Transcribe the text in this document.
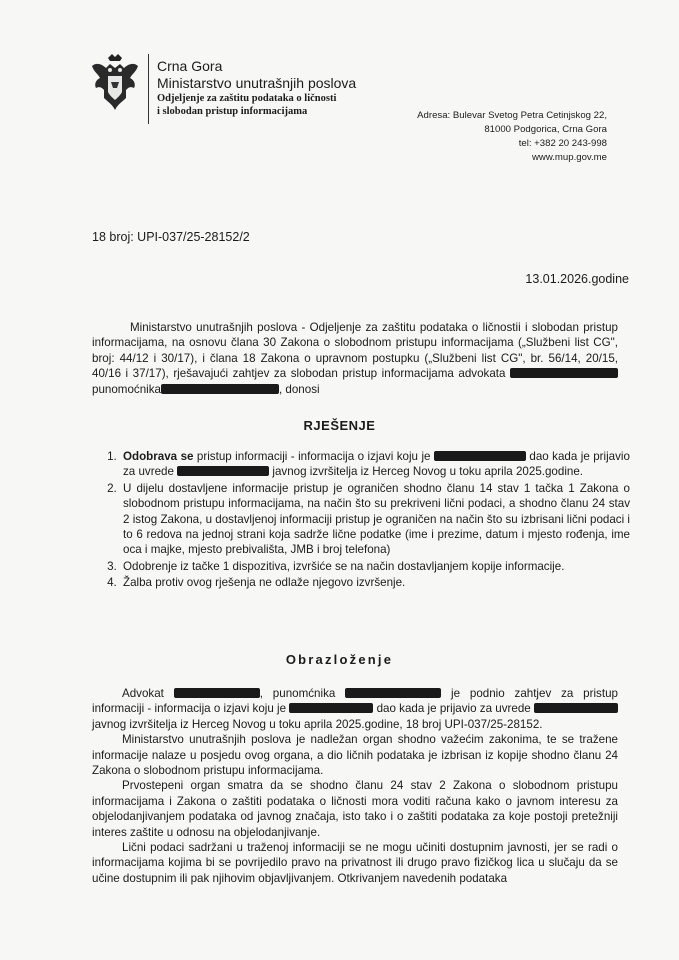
Crna Gora
Ministarstvo unutrašnjih poslova
Odjeljenje za zaštitu podataka o ličnosti
i slobodan pristup informacijama	Adresa: Bulevar Svetog Petra Cetinjskog 22,
81000 Podgorica, Crna Gora
tel: +382 20 243-998
www.mup.gov.me
18 broj: UPI-037/25-28152/2
13.01.2026.godine
Ministarstvo unutrašnjih poslova - Odjeljenje za zaštitu podataka o ličnostii i slobodan pristup informacijama, na osnovu člana 30 Zakona o slobodnom pristupu informacijama („Službeni list CG", broj: 44/12 i 30/17), i člana 18 Zakona o upravnom postupku („Službeni list CG", br. 56/14, 20/15, 40/16 i 37/17), rješavajući zahtjev za slobodan pristup informacijama advokata  punomoćnika	, donosi
RJEŠENJE
1. Odobrava se pristup informaciji - informacija o izjavi koju je	dao kada je prijavio za uvrede	javnog izvršitelja iz Herceg Novog u toku aprila 2025.godine.
2. U dijelu dostavljene informacije pristup je ograničen shodno članu 14 stav 1 tačka 1 Zakona o slobodnom pristupu informacijama, na način što su prekriveni lični podaci, a shodno članu 24 stav 2 istog Zakona, u dostavljenoj informaciji pristup je ograničen na način što su izbrisani lični podaci i to 6 redova na jednoj strani koja sadrže lične podatke (ime i prezime, datum i mjesto rođenja, ime oca i majke, mjesto prebivališta, JMB i broj telefona)
3. Odobrenje iz tačke 1 dispozitiva, izvršiće se na način dostavljanjem kopije informacije.
4. Žalba protiv ovog rješenja ne odlaže njegovo izvršenje.
Obrazloženje

Advokat	, punomćnika	je podnio zahtjev za pristup informaciji - informacija o izjavi koju je	dao kada je prijavio za uvrede  javnog izvršitelja iz Herceg Novog u toku aprila 2025.godine, 18 broj UPI-037/25-28152.

Ministarstvo unutrašnjih poslova je nadležan organ shodno važećim zakonima, te se tražene informacije nalaze u posjedu ovog organa, a dio ličnih podataka je izbrisan iz kopije shodno članu 24 Zakona o slobodnom pristupu informacijama.

Prvostepeni organ smatra da se shodno članu 24 stav 2 Zakona o slobodnom pristupu informacijama i Zakona o zaštiti podataka o ličnosti mora voditi računa kako o javnom interesu za objelodanjivanjem podataka od javnog značaja, isto tako i o zaštiti podataka za koje postoji pretežniji interes zaštite u odnosu na objelodanjivanje.

Lični podaci sadržani u traženoj informaciji se ne mogu učiniti dostupnim javnosti, jer se radi o informacijama kojima bi se povrijedilo pravo na privatnost ili drugo pravo fizičkog lica u slučaju da se učine dostupnim ili pak njihovim objavljivanjem. Otkrivanjem navedenih podataka
